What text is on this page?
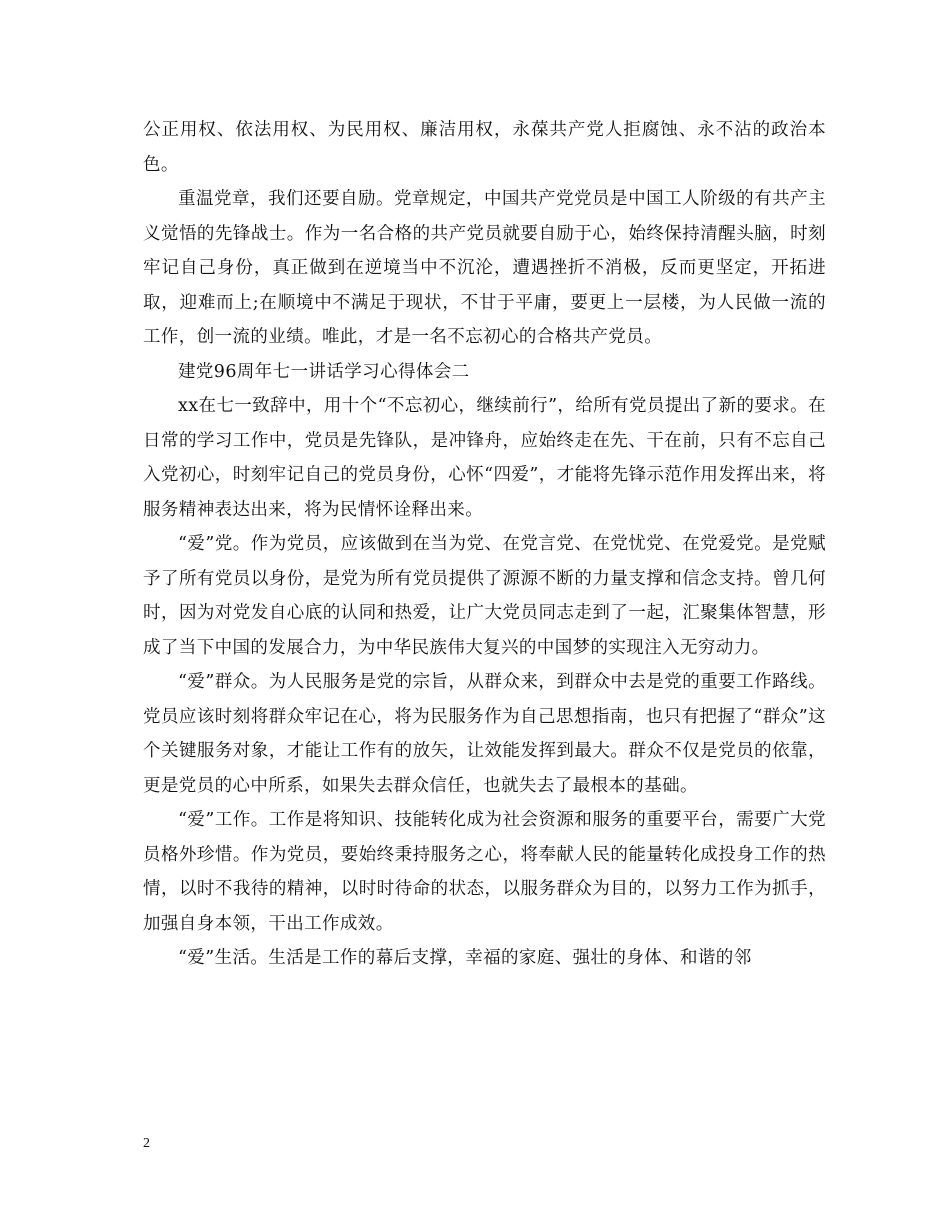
公正用权、依法用权、为民用权、廉洁用权，永葆共产党人拒腐蚀、永不沾的政治本色。

重温党章，我们还要自励。党章规定，中国共产党党员是中国工人阶级的有共产主义觉悟的先锋战士。作为一名合格的共产党员就要自励于心，始终保持清醒头脑，时刻牢记自己身份，真正做到在逆境当中不沉沦，遭遇挫折不消极，反而更坚定，开拓进取，迎难而上;在顺境中不满足于现状，不甘于平庸，要更上一层楼，为人民做一流的工作，创一流的业绩。唯此，才是一名不忘初心的合格共产党员。

建党96周年七一讲话学习心得体会二

xx在七一致辞中，用十个“不忘初心，继续前行”，给所有党员提出了新的要求。在日常的学习工作中，党员是先锋队，是冲锋舟，应始终走在先、干在前，只有不忘自己入党初心，时刻牢记自己的党员身份，心怀“四爱”，才能将先锋示范作用发挥出来，将服务精神表达出来，将为民情怀诠释出来。

“爱”党。作为党员，应该做到在当为党、在党言党、在党忧党、在党爱党。是党赋予了所有党员以身份，是党为所有党员提供了源源不断的力量支撑和信念支持。曾几何时，因为对党发自心底的认同和热爱，让广大党员同志走到了一起，汇聚集体智慧，形成了当下中国的发展合力，为中华民族伟大复兴的中国梦的实现注入无穷动力。

“爱”群众。为人民服务是党的宗旨，从群众来，到群众中去是党的重要工作路线。党员应该时刻将群众牢记在心，将为民服务作为自己思想指南，也只有把握了“群众”这个关键服务对象，才能让工作有的放矢，让效能发挥到最大。群众不仅是党员的依靠，更是党员的心中所系，如果失去群众信任，也就失去了最根本的基础。

“爱”工作。工作是将知识、技能转化成为社会资源和服务的重要平台，需要广大党员格外珍惜。作为党员，要始终秉持服务之心，将奉献人民的能量转化成投身工作的热情，以时不我待的精神，以时时待命的状态，以服务群众为目的，以努力工作为抓手，加强自身本领，干出工作成效。

“爱”生活。生活是工作的幕后支撑，幸福的家庭、强壮的身体、和谐的邻

2
